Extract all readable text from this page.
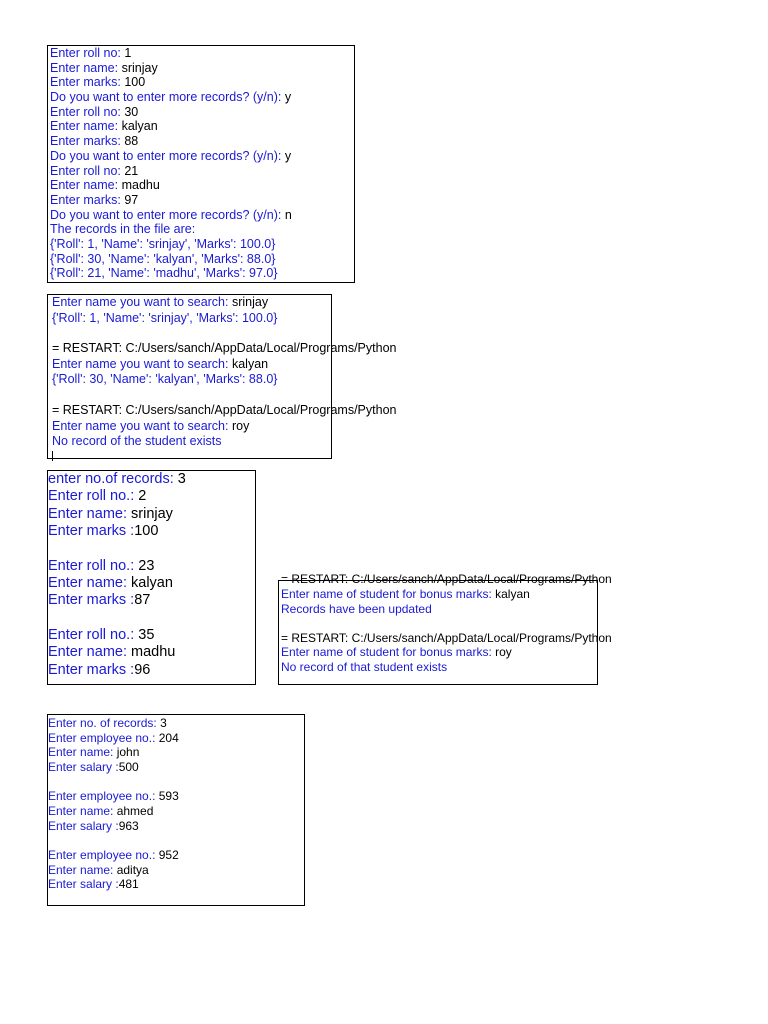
Enter roll no: 1
Enter name: srinjay
Enter marks: 100
Do you want to enter more records? (y/n): y
Enter roll no: 30
Enter name: kalyan
Enter marks: 88
Do you want to enter more records? (y/n): y
Enter roll no: 21
Enter name: madhu
Enter marks: 97
Do you want to enter more records? (y/n): n
The records in the file are:
{'Roll': 1, 'Name': 'srinjay', 'Marks': 100.0}
{'Roll': 30, 'Name': 'kalyan', 'Marks': 88.0}
{'Roll': 21, 'Name': 'madhu', 'Marks': 97.0}
Enter name you want to search: srinjay
{'Roll': 1, 'Name': 'srinjay', 'Marks': 100.0}
= RESTART: C:/Users/sanch/AppData/Local/Programs/Python
Enter name you want to search: kalyan
{'Roll': 30, 'Name': 'kalyan', 'Marks': 88.0}
= RESTART: C:/Users/sanch/AppData/Local/Programs/Python
Enter name you want to search: roy
No record of the student exists
enter no.of records: 3
Enter roll no.: 2
Enter name: srinjay
Enter marks :100
Enter roll no.: 23
Enter name: kalyan
Enter marks :87
Enter roll no.: 35
Enter name: madhu
Enter marks :96
= RESTART: C:/Users/sanch/AppData/Local/Programs/Python
Enter name of student for bonus marks: kalyan
Records have been updated
= RESTART: C:/Users/sanch/AppData/Local/Programs/Python
Enter name of student for bonus marks: roy
No record of that student exists
Enter no. of records: 3
Enter employee no.: 204
Enter name: john
Enter salary :500
Enter employee no.: 593
Enter name: ahmed
Enter salary :963
Enter employee no.: 952
Enter name: aditya
Enter salary :481
